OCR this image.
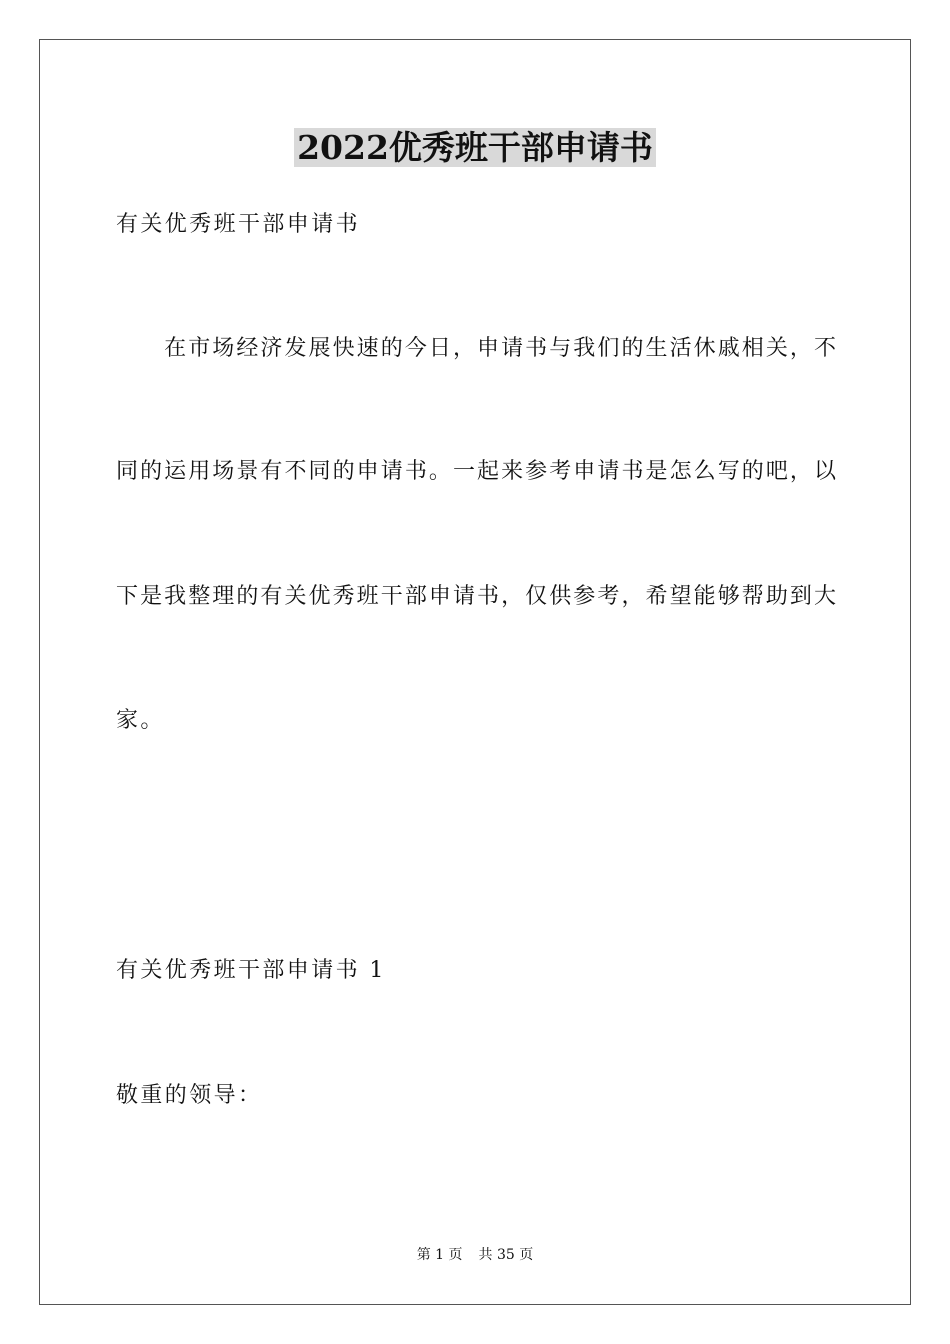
2022优秀班干部申请书
有关优秀班干部申请书
　　在市场经济发展快速的今日，申请书与我们的生活休戚相关，不
同的运用场景有不同的申请书。一起来参考申请书是怎么写的吧，以
下是我整理的有关优秀班干部申请书，仅供参考，希望能够帮助到大
家。
有关优秀班干部申请书 1
敬重的领导：
第 1 页 共 35 页
